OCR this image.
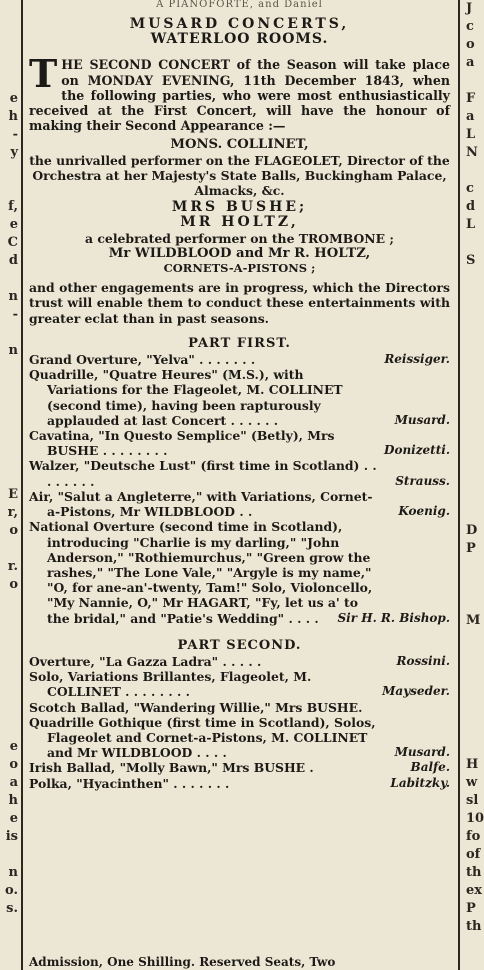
e
h
-
y
f,
e
C
d
n
-
n
E
r,
o
r.
o
e
o
a
h
e
is
n
o.
s.
J
c
o
a
F
a
L
N
c
d
L
S
D
P
M
H
w
sl
10
fo
of
th
ex
P
th
A PIANOFORTE, and Daniel
MUSARD CONCERTS,
WATERLOO ROOMS.
T HE SECOND CONCERT of the Season will take place on MONDAY EVENING, 11th December 1843, when the following parties, who were most enthusiastically received at the First Concert, will have the honour of making their Second Appearance :—
MONS. COLLINET,
the unrivalled performer on the FLAGEOLET, Director of the Orchestra at her Majesty's State Balls, Buckingham Palace, Almacks, &c.
MRS BUSHE;
MR HOLTZ,
a celebrated performer on the TROMBONE ;
Mr WILDBLOOD and Mr R. HOLTZ,
CORNETS-A-PISTONS ;
and other engagements are in progress, which the Directors trust will enable them to conduct these entertainments with greater eclat than in past seasons.
PART FIRST.
Grand Overture, "Yelva" . . . . . . .	Reissiger.
Quadrille, "Quatre Heures" (M.S.), with Variations for the Flageolet, M. COLLINET (second time), having been rapturously applauded at last Concert . . . . . .	Musard.
Cavatina, "In Questo Semplice" (Betly), Mrs BUSHE . . . . . . . .	Donizetti.
Walzer, "Deutsche Lust" (first time in Scotland) . . . . . . . .	Strauss.
Air, "Salut a Angleterre," with Variations, Cornet-a-Pistons, Mr WILDBLOOD . .	Koenig.
National Overture (second time in Scotland), introducing "Charlie is my darling," "John Anderson," "Rothiemurchus," "Green grow the rashes," "The Lone Vale," "Argyle is my name," "O, for ane-an'-twenty, Tam!" Solo, Violoncello, "My Nannie, O," Mr HAGART, "Fy, let us a' to the bridal," and "Patie's Wedding" . . . .	Sir H. R. Bishop.
PART SECOND.
Overture, "La Gazza Ladra" . . . . .	Rossini.
Solo, Variations Brillantes, Flageolet, M. COLLINET . . . . . . . .	Mayseder.
Scotch Ballad, "Wandering Willie," Mrs BUSHE.
Quadrille Gothique (first time in Scotland), Solos, Flageolet and Cornet-a-Pistons, M. COLLINET and Mr WILDBLOOD . . . .	Musard.
Irish Ballad, "Molly Bawn," Mrs BUSHE .	Balfe.
Polka, "Hyacinthen" . . . . . . .	Labitzky.
Admission, One Shilling. Reserved Seats, Two
